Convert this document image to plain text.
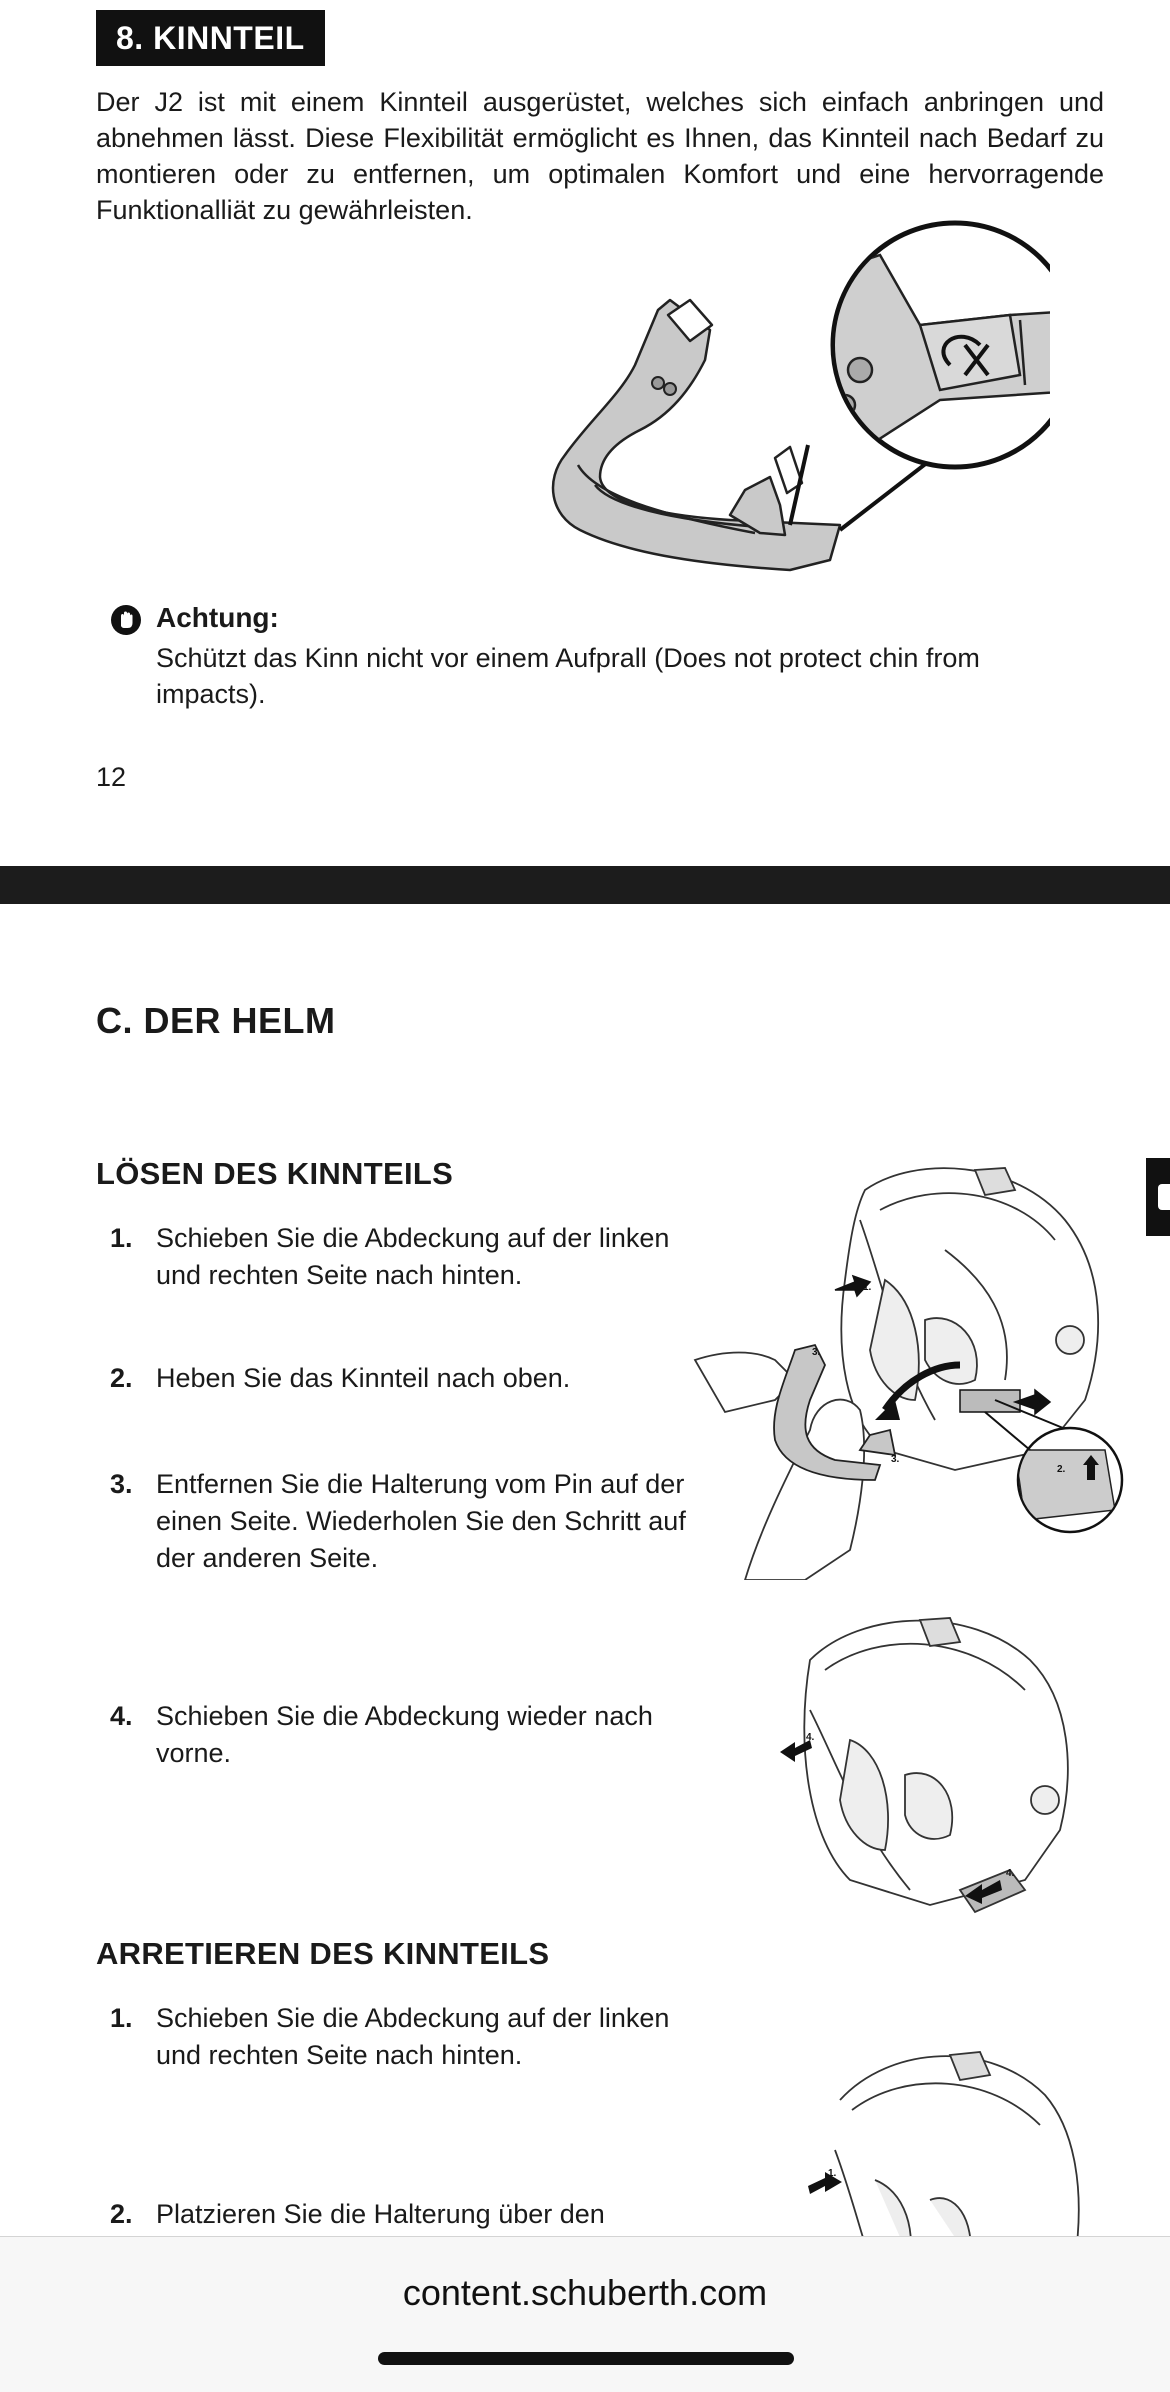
8. KINNTEIL
Der J2 ist mit einem Kinnteil ausgerüstet, welches sich einfach anbringen und abnehmen lässt. Diese Flexibilität ermöglicht es Ihnen, das Kinnteil nach Bedarf zu montieren oder zu entfernen, um optimalen Komfort und eine hervorragende Funktionalliät zu gewährleisten.
Achtung:
Schützt das Kinn nicht vor einem Aufprall (Does not protect chin from impacts).
12
C. DER HELM
LÖSEN DES KINNTEILS
1. Schieben Sie die Abdeckung auf der linken und rechten Seite nach hinten.
2. Heben Sie das Kinnteil nach oben.
3. Entfernen Sie die Halterung vom Pin auf der einen Seite. Wiederholen Sie den Schritt auf der anderen Seite.
4. Schieben Sie die Abdeckung wieder nach vorne.
1.
3.
3.
1.
2.
4.
4.
ARRETIEREN DES KINNTEILS
1. Schieben Sie die Abdeckung auf der linken und rechten Seite nach hinten.
2. Platzieren Sie die Halterung über den
1.
content.schuberth.com
